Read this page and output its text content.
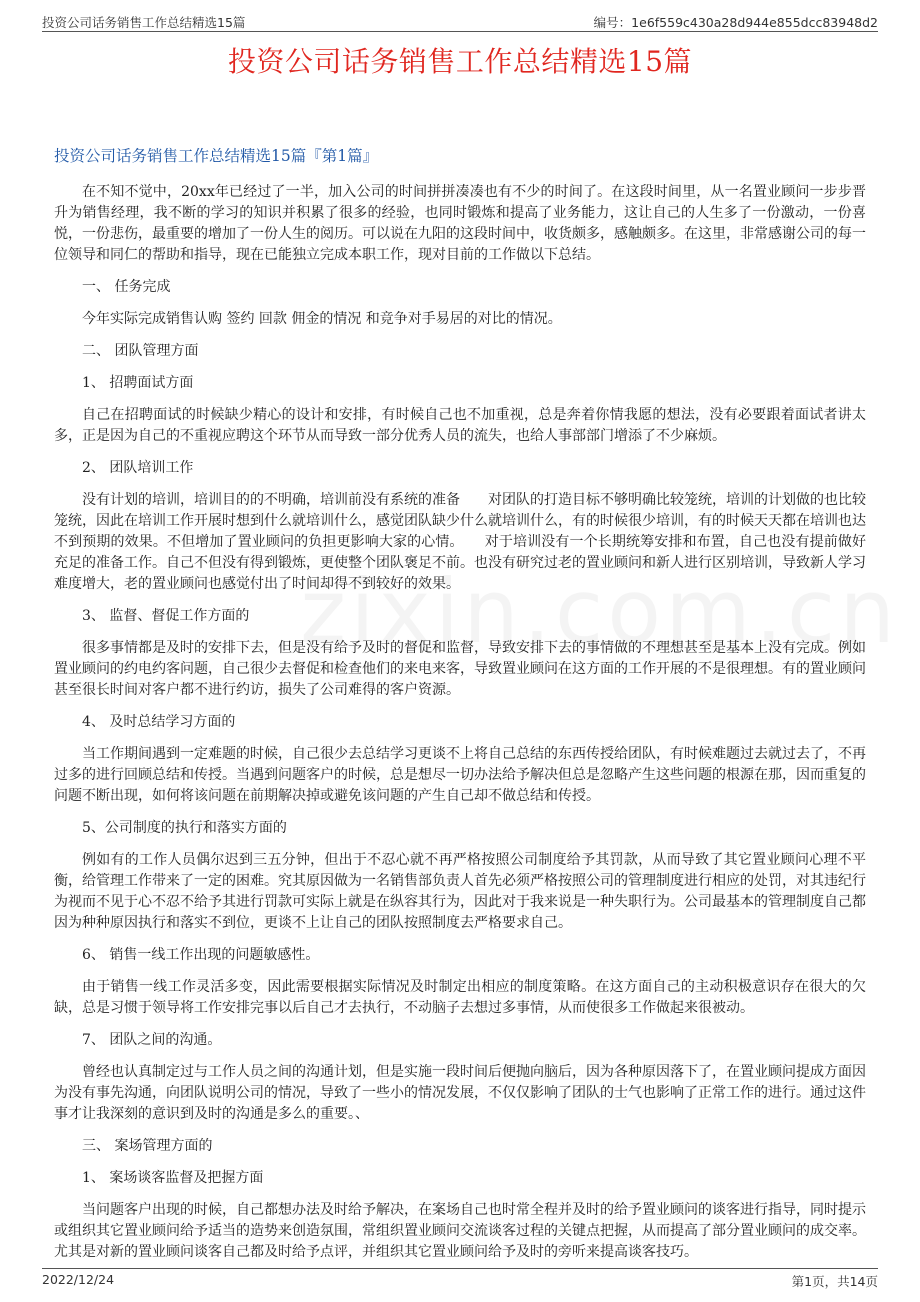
投资公司话务销售工作总结精选15篇	编号：1e6f559c430a28d944e855dcc83948d2
投资公司话务销售工作总结精选15篇
投资公司话务销售工作总结精选15篇『第1篇』
在不知不觉中，20xx年已经过了一半，加入公司的时间拼拼凑凑也有不少的时间了。在这段时间里，从一名置业顾问一步步晋升为销售经理，我不断的学习的知识并积累了很多的经验，也同时锻炼和提高了业务能力，这让自己的人生多了一份激动，一份喜悦，一份悲伤，最重要的增加了一份人生的阅历。可以说在九阳的这段时间中，收货颇多，感触颇多。在这里，非常感谢公司的每一位领导和同仁的帮助和指导，现在已能独立完成本职工作，现对目前的工作做以下总结。
一、 任务完成
今年实际完成销售认购 签约 回款 佣金的情况 和竞争对手易居的对比的情况。
二、 团队管理方面
1、 招聘面试方面
自己在招聘面试的时候缺少精心的设计和安排，有时候自己也不加重视，总是奔着你情我愿的想法，没有必要跟着面试者讲太多，正是因为自己的不重视应聘这个环节从而导致一部分优秀人员的流失，也给人事部部门增添了不少麻烦。
2、 团队培训工作
没有计划的培训，培训目的的不明确，培训前没有系统的准备　　对团队的打造目标不够明确比较笼统，培训的计划做的也比较笼统，因此在培训工作开展时想到什么就培训什么，感觉团队缺少什么就培训什么，有的时候很少培训，有的时候天天都在培训也达不到预期的效果。不但增加了置业顾问的负担更影响大家的心情。　　对于培训没有一个长期统筹安排和布置，自己也没有提前做好充足的准备工作。自己不但没有得到锻炼，更使整个团队褒足不前。也没有研究过老的置业顾问和新人进行区别培训，导致新人学习难度增大，老的置业顾问也感觉付出了时间却得不到较好的效果。
3、 监督、督促工作方面的
很多事情都是及时的安排下去，但是没有给予及时的督促和监督，导致安排下去的事情做的不理想甚至是基本上没有完成。例如置业顾问的约电约客问题，自己很少去督促和检查他们的来电来客，导致置业顾问在这方面的工作开展的不是很理想。有的置业顾问甚至很长时间对客户都不进行约访，损失了公司难得的客户资源。
4、 及时总结学习方面的
当工作期间遇到一定难题的时候，自己很少去总结学习更谈不上将自己总结的东西传授给团队，有时候难题过去就过去了，不再过多的进行回顾总结和传授。当遇到问题客户的时候，总是想尽一切办法给予解决但总是忽略产生这些问题的根源在那，因而重复的问题不断出现，如何将该问题在前期解决掉或避免该问题的产生自己却不做总结和传授。
5、公司制度的执行和落实方面的
例如有的工作人员偶尔迟到三五分钟，但出于不忍心就不再严格按照公司制度给予其罚款，从而导致了其它置业顾问心理不平衡，给管理工作带来了一定的困难。究其原因做为一名销售部负责人首先必须严格按照公司的管理制度进行相应的处罚，对其违纪行为视而不见于心不忍不给予其进行罚款可实际上就是在纵容其行为，因此对于我来说是一种失职行为。公司最基本的管理制度自己都因为种种原因执行和落实不到位，更谈不上让自己的团队按照制度去严格要求自己。
6、 销售一线工作出现的问题敏感性。
由于销售一线工作灵活多变，因此需要根据实际情况及时制定出相应的制度策略。在这方面自己的主动积极意识存在很大的欠缺，总是习惯于领导将工作安排完事以后自己才去执行，不动脑子去想过多事情，从而使很多工作做起来很被动。
7、 团队之间的沟通。
曾经也认真制定过与工作人员之间的沟通计划，但是实施一段时间后便抛向脑后，因为各种原因落下了，在置业顾问提成方面因为没有事先沟通，向团队说明公司的情况，导致了一些小的情况发展，不仅仅影响了团队的士气也影响了正常工作的进行。通过这件事才让我深刻的意识到及时的沟通是多么的重要。、
三、 案场管理方面的
1、 案场谈客监督及把握方面
当问题客户出现的时候，自己都想办法及时给予解决，在案场自己也时常全程并及时的给予置业顾问的谈客进行指导，同时提示或组织其它置业顾问给予适当的造势来创造氛围，常组织置业顾问交流谈客过程的关键点把握，从而提高了部分置业顾问的成交率。尤其是对新的置业顾问谈客自己都及时给予点评，并组织其它置业顾问给予及时的旁听来提高谈客技巧。
2022/12/24	第1页，共14页
